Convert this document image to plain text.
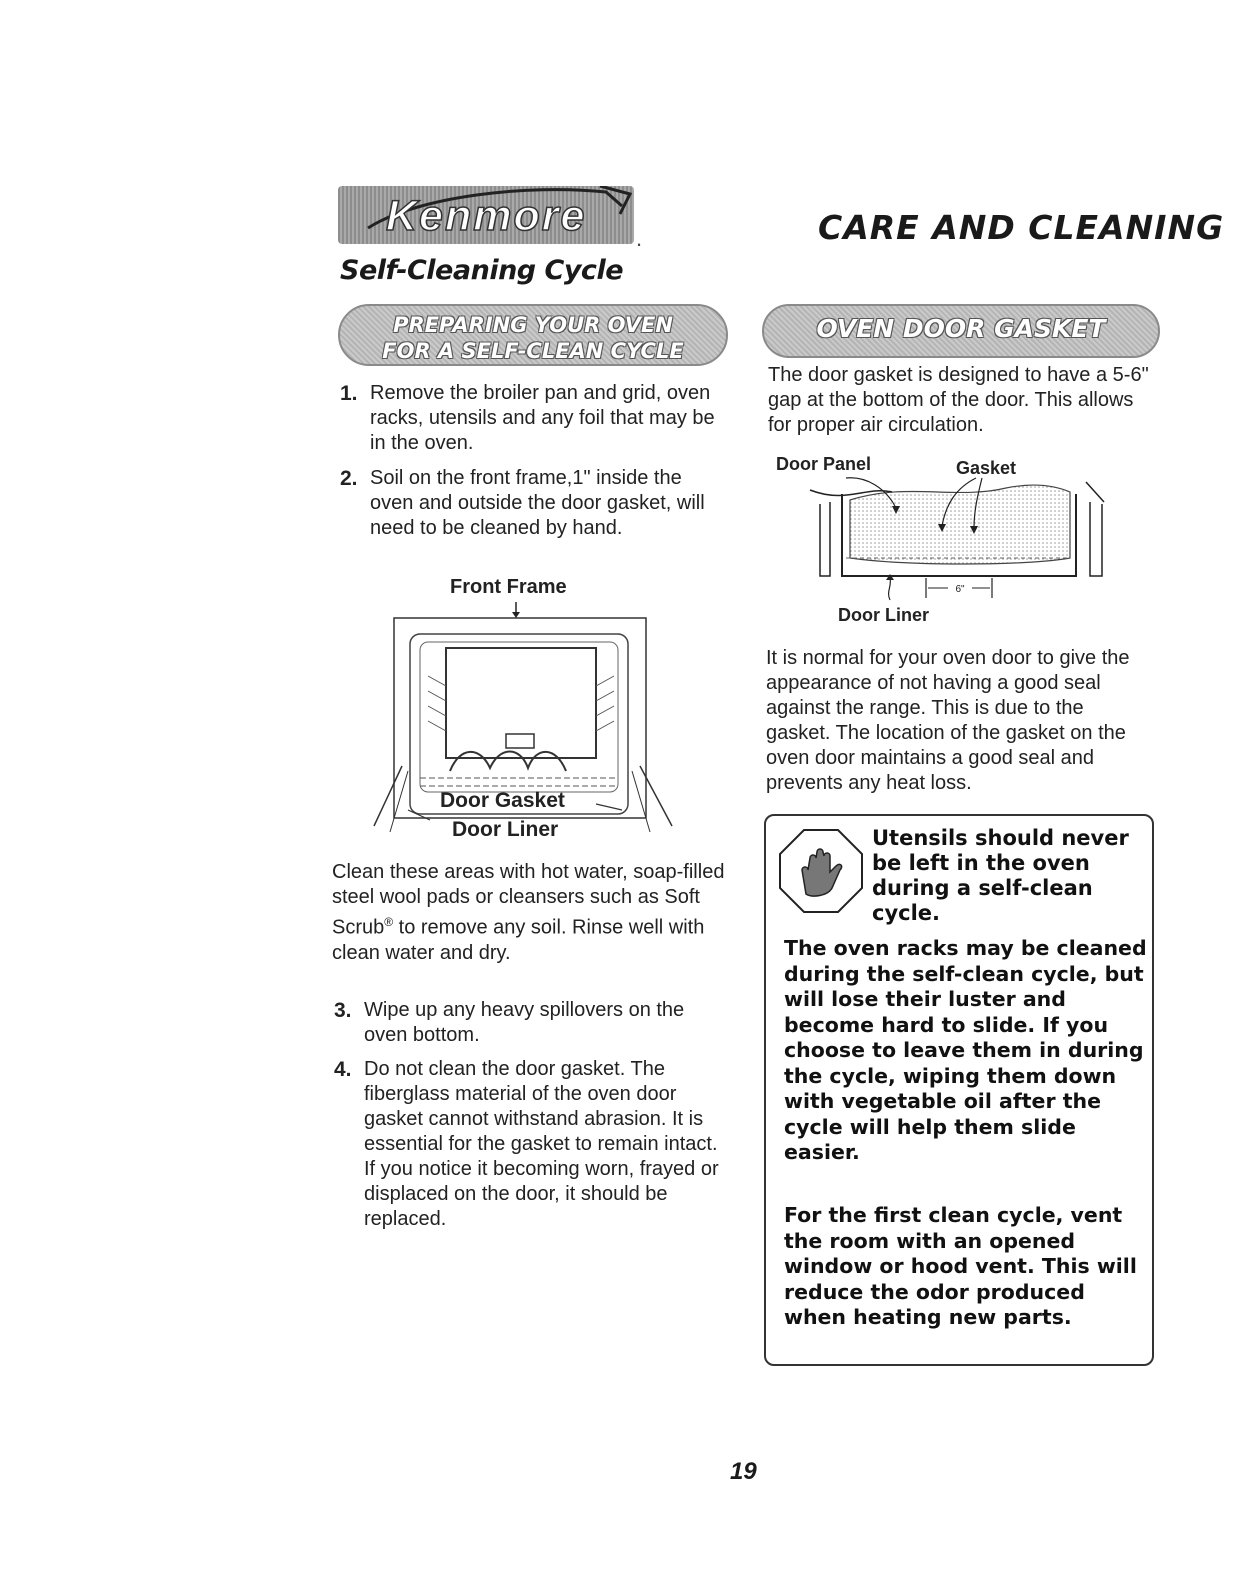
Kenmore .	CARE AND CLEANING
Self-Cleaning Cycle
PREPARING YOUR OVEN
FOR A SELF-CLEAN CYCLE
1. Remove the broiler pan and grid, oven racks, utensils and any foil that may be in the oven.
2. Soil on the front frame,1" inside the oven and outside the door gasket, will need to be cleaned by hand.
Front Frame
Door Gasket
Door Liner
Clean these areas with hot water, soap-filled steel wool pads or cleansers such as Soft Scrub® to remove any soil. Rinse well with clean water and dry.
3. Wipe up any heavy spillovers on the oven bottom.
4. Do not clean the door gasket. The fiberglass material of the oven door gasket cannot withstand abrasion. It is essential for the gasket to remain intact. If you notice it becoming worn, frayed or displaced on the door, it should be replaced.
OVEN DOOR GASKET
The door gasket is designed to have a 5-6" gap at the bottom of the door. This allows for proper air circulation.
Door Panel	Gasket
6"
Door Liner
It is normal for your oven door to give the appearance of not having a good seal against the range. This is due to the gasket. The location of the gasket on the oven door maintains a good seal and prevents any heat loss.
Utensils should never be left in the oven during a self-clean cycle.
The oven racks may be cleaned during the self-clean cycle, but will lose their luster and become hard to slide. If you choose to leave them in during the cycle, wiping them down with vegetable oil after the cycle will help them slide easier.
For the first clean cycle, vent the room with an opened window or hood vent. This will reduce the odor produced when heating new parts.
19
